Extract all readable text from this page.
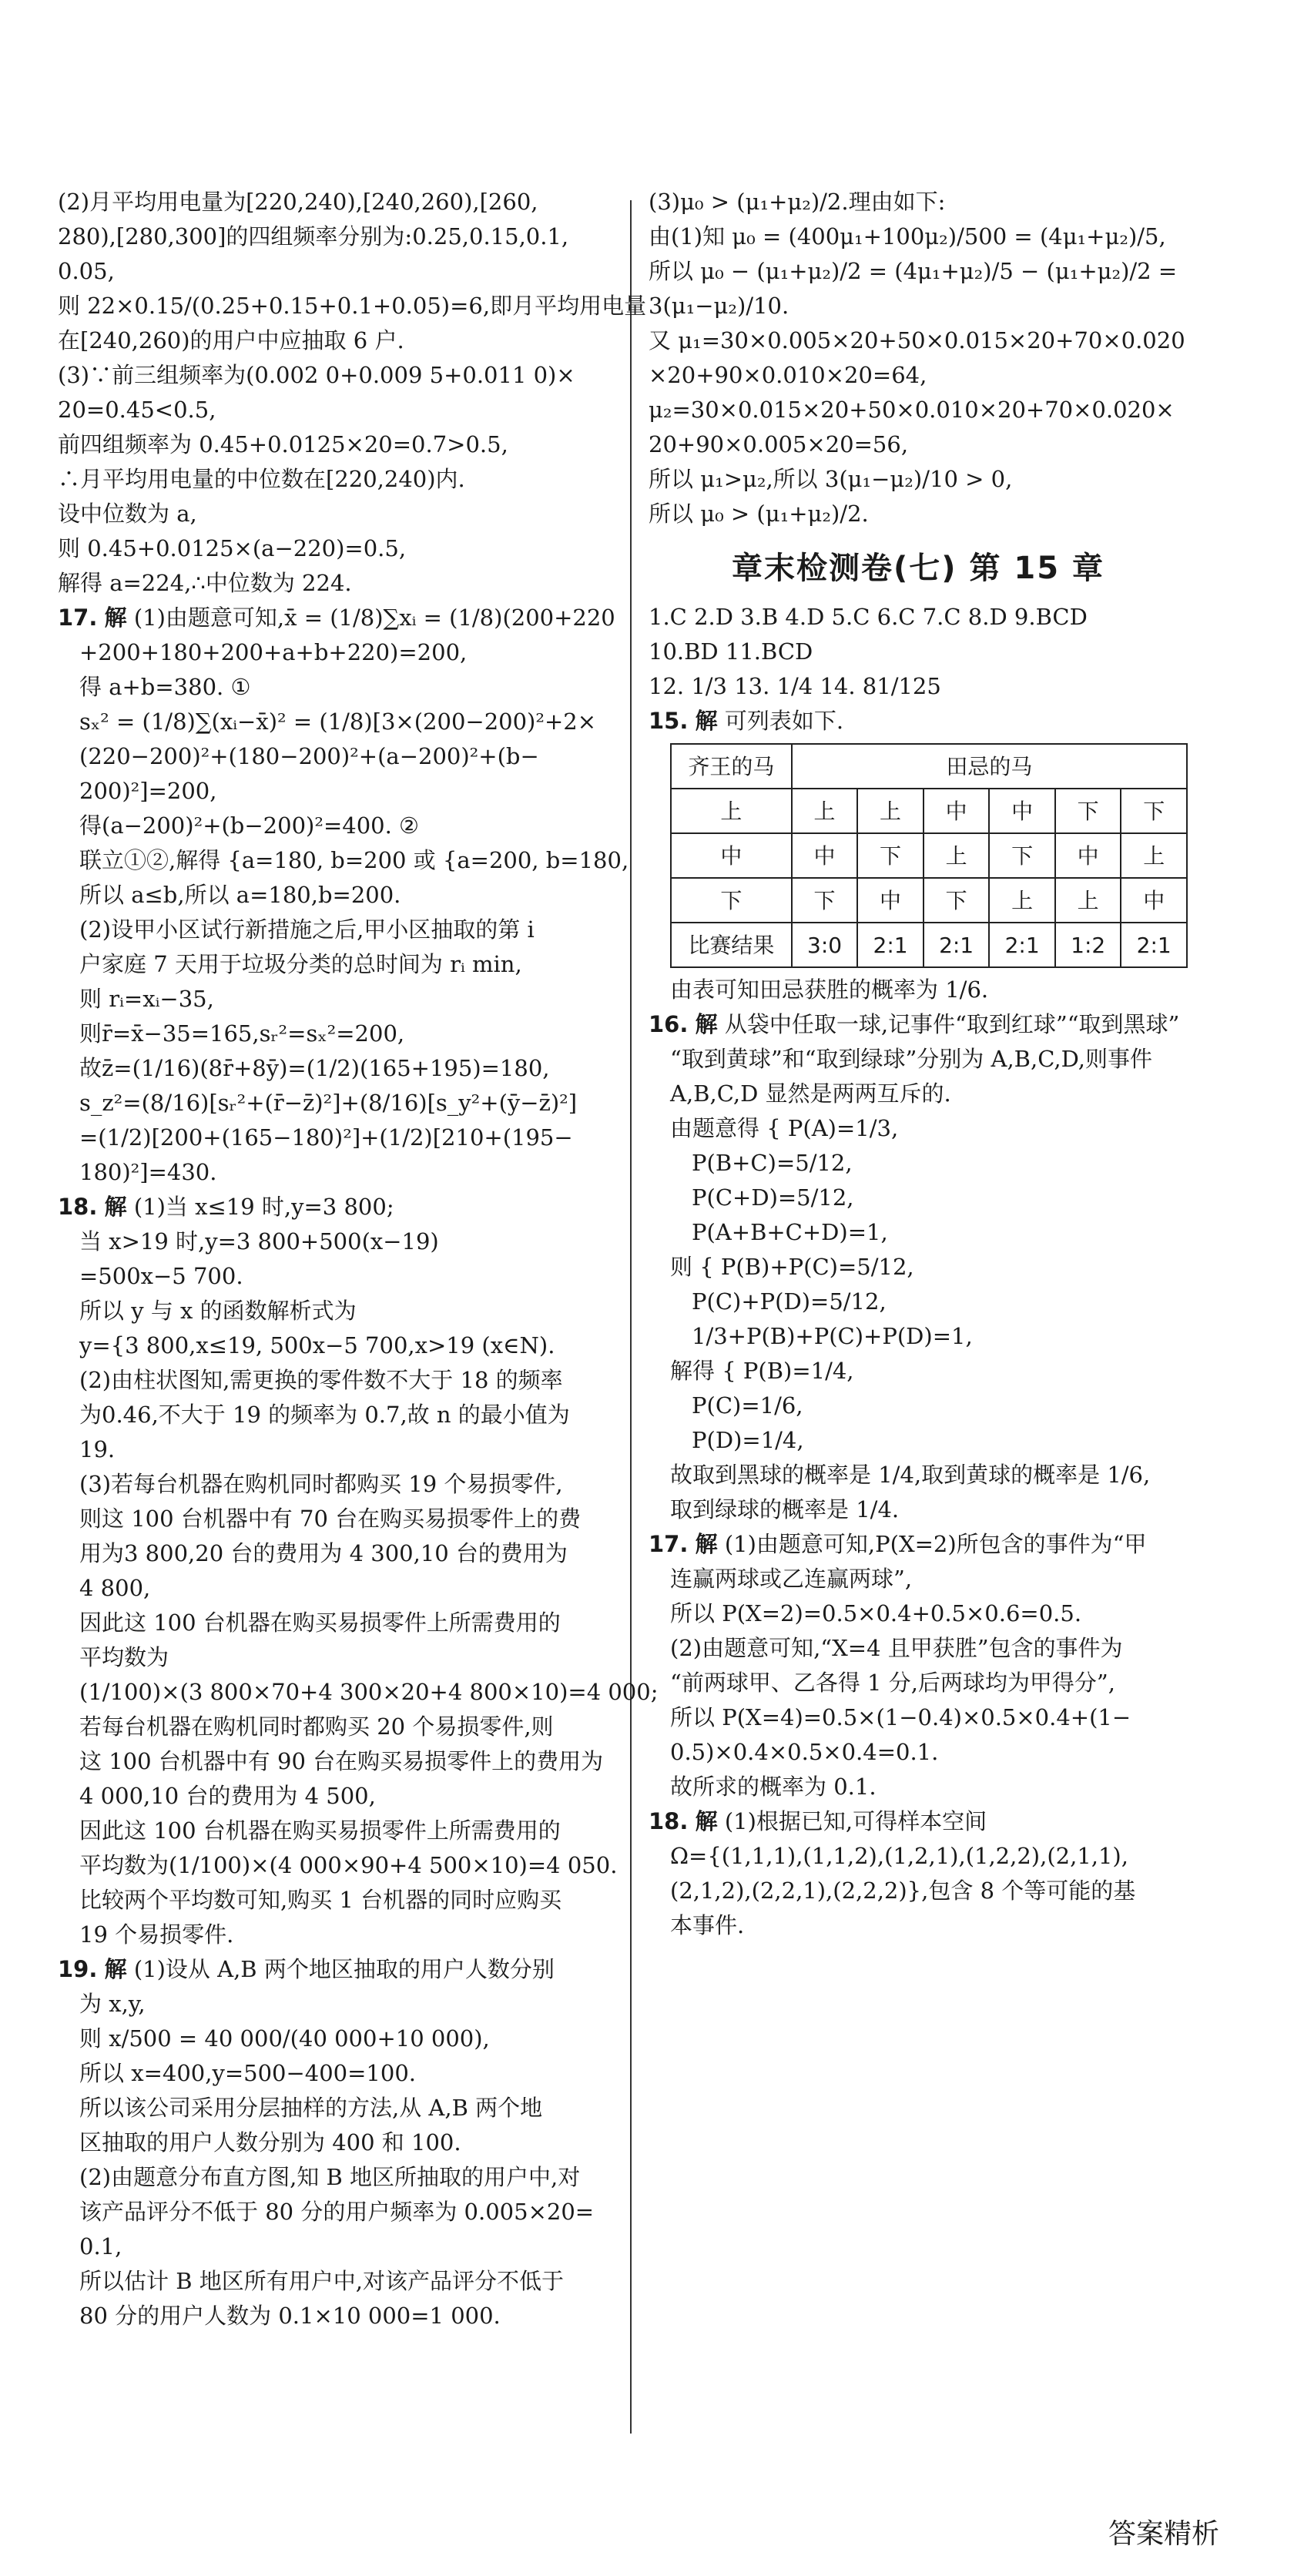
(2)月平均用电量为[220,240),[240,260),[260,
280),[280,300]的四组频率分别为:0.25,0.15,0.1,
0.05,
则 22×0.15/(0.25+0.15+0.1+0.05)=6,即月平均用电量
在[240,260)的用户中应抽取 6 户.
(3)∵前三组频率为(0.002 0+0.009 5+0.011 0)×
20=0.45<0.5,
前四组频率为 0.45+0.0125×20=0.7>0.5,
∴月平均用电量的中位数在[220,240)内.
设中位数为 a,
则 0.45+0.0125×(a−220)=0.5,
解得 a=224,∴中位数为 224.
17. 解 (1)由题意可知,x̄ = (1/8)∑xᵢ = (1/8)(200+220
+200+180+200+a+b+220)=200,
得 a+b=380. ①
sₓ² = (1/8)∑(xᵢ−x̄)² = (1/8)[3×(200−200)²+2×
(220−200)²+(180−200)²+(a−200)²+(b−
200)²]=200,
得(a−200)²+(b−200)²=400. ②
联立①②,解得 {a=180, b=200 或 {a=200, b=180,
所以 a≤b,所以 a=180,b=200.
(2)设甲小区试行新措施之后,甲小区抽取的第 i
户家庭 7 天用于垃圾分类的总时间为 rᵢ min,
则 rᵢ=xᵢ−35,
则r̄=x̄−35=165,sᵣ²=sₓ²=200,
故z̄=(1/16)(8r̄+8ȳ)=(1/2)(165+195)=180,
s_z²=(8/16)[sᵣ²+(r̄−z̄)²]+(8/16)[s_y²+(ȳ−z̄)²]
=(1/2)[200+(165−180)²]+(1/2)[210+(195−
180)²]=430.
18. 解 (1)当 x≤19 时,y=3 800;
当 x>19 时,y=3 800+500(x−19)
=500x−5 700.
所以 y 与 x 的函数解析式为
y={3 800,x≤19, 500x−5 700,x>19 (x∈N).
(2)由柱状图知,需更换的零件数不大于 18 的频率
为0.46,不大于 19 的频率为 0.7,故 n 的最小值为
19.
(3)若每台机器在购机同时都购买 19 个易损零件,
则这 100 台机器中有 70 台在购买易损零件上的费
用为3 800,20 台的费用为 4 300,10 台的费用为
4 800,
因此这 100 台机器在购买易损零件上所需费用的
平均数为
(1/100)×(3 800×70+4 300×20+4 800×10)=4 000;
若每台机器在购机同时都购买 20 个易损零件,则
这 100 台机器中有 90 台在购买易损零件上的费用为
4 000,10 台的费用为 4 500,
因此这 100 台机器在购买易损零件上所需费用的
平均数为(1/100)×(4 000×90+4 500×10)=4 050.
比较两个平均数可知,购买 1 台机器的同时应购买
19 个易损零件.
19. 解 (1)设从 A,B 两个地区抽取的用户人数分别
为 x,y,
则 x/500 = 40 000/(40 000+10 000),
所以 x=400,y=500−400=100.
所以该公司采用分层抽样的方法,从 A,B 两个地
区抽取的用户人数分别为 400 和 100.
(2)由题意分布直方图,知 B 地区所抽取的用户中,对
该产品评分不低于 80 分的用户频率为 0.005×20=
0.1,
所以估计 B 地区所有用户中,对该产品评分不低于
80 分的用户人数为 0.1×10 000=1 000.
(3)μ₀ > (μ₁+μ₂)/2.理由如下:
由(1)知 μ₀ = (400μ₁+100μ₂)/500 = (4μ₁+μ₂)/5,
所以 μ₀ − (μ₁+μ₂)/2 = (4μ₁+μ₂)/5 − (μ₁+μ₂)/2 =
3(μ₁−μ₂)/10.
又 μ₁=30×0.005×20+50×0.015×20+70×0.020
×20+90×0.010×20=64,
μ₂=30×0.015×20+50×0.010×20+70×0.020×
20+90×0.005×20=56,
所以 μ₁>μ₂,所以 3(μ₁−μ₂)/10 > 0,
所以 μ₀ > (μ₁+μ₂)/2.
章末检测卷(七) 第 15 章
1.C 2.D 3.B 4.D 5.C 6.C 7.C 8.D 9.BCD
10.BD 11.BCD
12. 1/3 13. 1/4 14. 81/125
15. 解 可列表如下.
齐王的马	田忌的马					
上	上	上	中	中	下	下
中	中	下	上	下	中	上
下	下	中	下	上	上	中
比赛结果	3:0	2:1	2:1	2:1	1:2	2:1
由表可知田忌获胜的概率为 1/6.
16. 解 从袋中任取一球,记事件“取到红球”“取到黑球”
“取到黄球”和“取到绿球”分别为 A,B,C,D,则事件
A,B,C,D 显然是两两互斥的.
由题意得 { P(A)=1/3,
P(B+C)=5/12,
P(C+D)=5/12,
P(A+B+C+D)=1,
则 { P(B)+P(C)=5/12,
P(C)+P(D)=5/12,
1/3+P(B)+P(C)+P(D)=1,
解得 { P(B)=1/4,
P(C)=1/6,
P(D)=1/4,
故取到黑球的概率是 1/4,取到黄球的概率是 1/6,
取到绿球的概率是 1/4.
17. 解 (1)由题意可知,P(X=2)所包含的事件为“甲
连赢两球或乙连赢两球”,
所以 P(X=2)=0.5×0.4+0.5×0.6=0.5.
(2)由题意可知,“X=4 且甲获胜”包含的事件为
“前两球甲、乙各得 1 分,后两球均为甲得分”,
所以 P(X=4)=0.5×(1−0.4)×0.5×0.4+(1−
0.5)×0.4×0.5×0.4=0.1.
故所求的概率为 0.1.
18. 解 (1)根据已知,可得样本空间
Ω={(1,1,1),(1,1,2),(1,2,1),(1,2,2),(2,1,1),
(2,1,2),(2,2,1),(2,2,2)},包含 8 个等可能的基
本事件.
答案精析
